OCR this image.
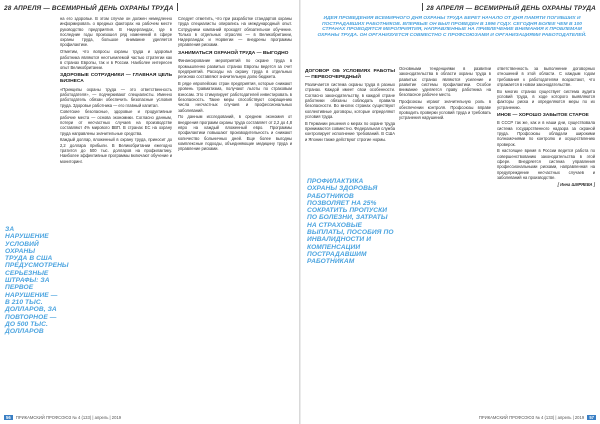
28 АПРЕЛЯ — ВСЕМИРНЫЙ ДЕНЬ ОХРАНЫ ТРУДА

на его здоровье. В этом случае он должен немедленно информировать о вредных факторах на рабочем месте руководство предприятия. В Нидерландах, где в последние годы произошел ряд изменений в сфере охраны труда, большое внимание уделяется профилактике.

Отметим, что вопросы охраны труда и здоровья работника являются неотъемлемой частью стратегии как в странах Европы, так и в России. Наиболее интересен опыт Великобритании.

ЗДОРОВЫЕ СОТРУДНИКИ — ГЛАВНАЯ ЦЕЛЬ БИЗНЕСА

«Принципы охраны труда — это ответственность работодателя», — подчеркивают специалисты. Именно работодатель обязан обеспечить безопасные условия труда. Здоровье работника — его главный капитал.

Советские безопасные, здоровые и продуктивные рабочие места — основа экономики. Согласно данным, потери от несчастных случаев на производстве составляют 4% мирового ВВП. В странах ЕС на охрану труда направлены значительные средства.

Каждый доллар, вложенный в охрану труда, приносит до 2,2 доллара прибыли. В Великобритании ежегодно тратится до 500 тыс. долларов на профилактику. Наиболее эффективные программы включают обучение и мониторинг.

ЗА НАРУШЕНИЕ УСЛОВИЙ ОХРАНЫ ТРУДА В США ПРЕДУСМОТРЕНЫ СЕРЬЕЗНЫЕ ШТРАФЫ: ЗА ПЕРВОЕ НАРУШЕНИЕ — В 210 ТЫС. ДОЛЛАРОВ, ЗА ПОВТОРНОЕ — ДО 500 ТЫС. ДОЛЛАРОВ

Следует отметить, что при разработке стандартов охраны труда специалисты опирались на международный опыт. Сотрудники компаний проходят обязательное обучение. Только в отдельных отраслях — в Великобритании, Нидерландах и Норвегии — внедрены программы управления рисками.

ЗАНИМАТЬСЯ ОХРАНОЙ ТРУДА — ВЫГОДНО

Финансирование мероприятий по охране труда в промышленно развитых странах Европы ведется за счет предприятий. Расходы на охрану труда в отдельных регионах составляют значительную долю бюджета.

В ряде европейских стран предприятия, которые снижают уровень травматизма, получают льготы по страховым взносам. Это стимулирует работодателей инвестировать в безопасность. Такие меры способствуют сокращению числа несчастных случаев и профессиональных заболеваний.

По данным исследований, в среднем экономия от внедрения программ охраны труда составляет от 2,2 до 4,8 евро на каждый вложенный евро. Программы профилактики повышают производительность и снижают количество больничных дней. Еще более выгодны комплексные подходы, объединяющие медицину труда и управление рисками.

56 ПРИКАМСКИЙ ПРОФСОЮЗ № 4 (133) | апрель | 2019
28 АПРЕЛЯ — ВСЕМИРНЫЙ ДЕНЬ ОХРАНЫ ТРУДА
ИДЕЯ ПРОВЕДЕНИЯ ВСЕМИРНОГО ДНЯ ОХРАНЫ ТРУДА БЕРЕТ НАЧАЛО ОТ ДНЯ ПАМЯТИ ПОГИБШИХ И ПОСТРАДАВШИХ РАБОТНИКОВ. ВПЕРВЫЕ ОН БЫЛ ПРОВЕДЕН В 1996 ГОДУ. СЕГОДНЯ БОЛЕЕ ЧЕМ В 100 СТРАНАХ ПРОВОДЯТСЯ МЕРОПРИЯТИЯ, НАПРАВЛЕННЫЕ НА ПРИВЛЕЧЕНИЕ ВНИМАНИЯ К ПРОБЛЕМАМ ОХРАНЫ ТРУДА. ОН ОРГАНИЗУЕТСЯ СОВМЕСТНО С ПРОФСОЮЗАМИ И ОРГАНИЗАЦИЯМИ РАБОТОДАТЕЛЕЙ.
ДОГОВОР ОБ УСЛОВИЯХ РАБОТЫ — ПЕРВООЧЕРЕДНЫЙ

Различается система охраны труда в разных странах. Каждой имеет свои особенности. Согласно законодательству, в каждой стране работники обязаны соблюдать правила безопасности. Во многих странах существуют коллективные договоры, которые определяют условия труда.

В Германии решения о мерах по охране труда принимаются совместно. Федеральная служба контролирует исполнение требований. В США и Японии также действуют строгие нормы.

ПРОФИЛАКТИКА ОХРАНЫ ЗДОРОВЬЯ РАБОТНИКОВ ПОЗВОЛЯЕТ НА 25% СОКРАТИТЬ ПРОПУСКИ ПО БОЛЕЗНИ, ЗАТРАТЫ НА СТРАХОВЫЕ ВЫПЛАТЫ, ПОСОБИЯ ПО ИНВАЛИДНОСТИ И КОМПЕНСАЦИИ ПОСТРАДАВШИМ РАБОТНИКАМ

Основными тенденциями в развитии законодательства в области охраны труда в развитых странах являются усиление и развитие системы профилактики. Особое внимание уделяется праву работника на безопасное рабочее место.

Профсоюзы играют значительную роль в обеспечении контроля. Профсоюзы вправе проводить проверки условий труда и требовать устранения нарушений.

ответственность за выполнение договорных отношений в этой области. С каждым годом требования к работодателям возрастают, что отражается в новом законодательстве.

Во многих странах существует система аудита условий труда, в ходе которого выявляются факторы риска и определяются меры по их устранению.

ИНОЕ — ХОРОШО ЗАБЫТОЕ СТАРОЕ

В СССР так же, как и в наши дни, существовала система государственного надзора за охраной труда. Профсоюзы обладали широкими полномочиями по контролю и осуществлению проверок.

В настоящее время в России ведется работа по совершенствованию законодательства в этой сфере. Внедряется система управления профессиональными рисками, направленная на предупреждение несчастных случаев и заболеваний на производстве.

[ Инна ШИРЯЕВА ]
ПРИКАМСКИЙ ПРОФСОЮЗ № 4 (133) | апрель | 2019 57
